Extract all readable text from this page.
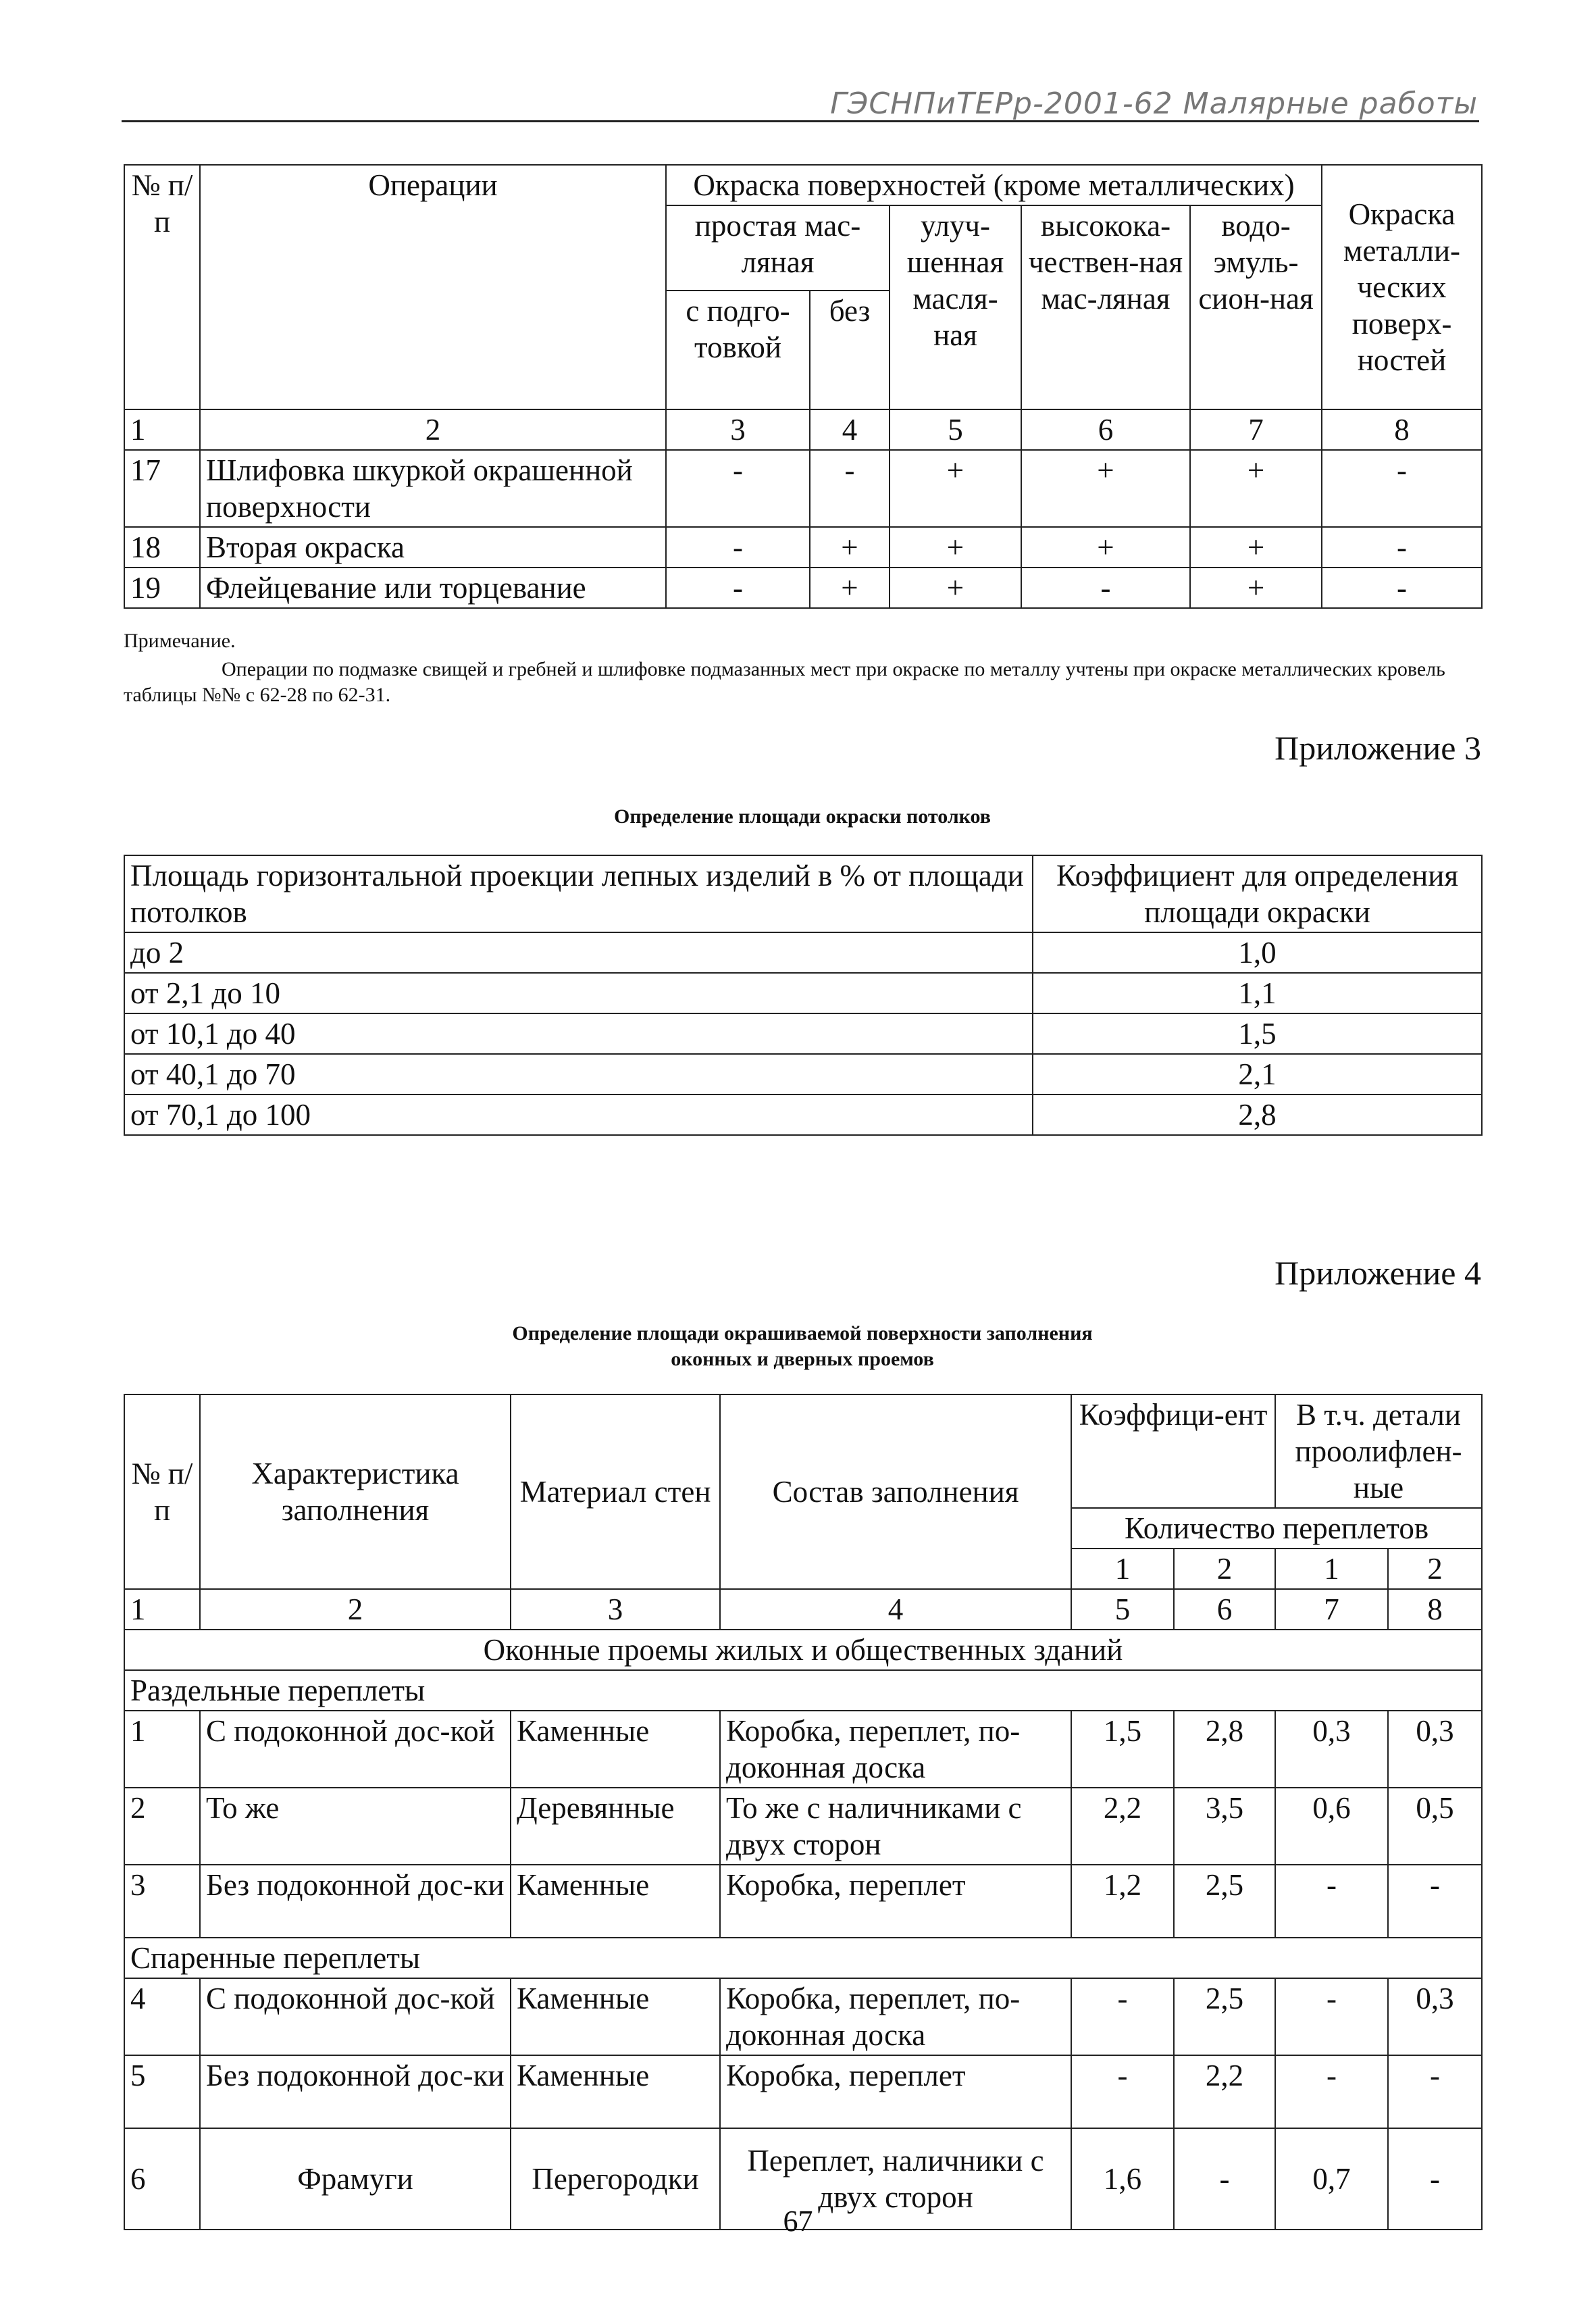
ГЭСНПиТЕРр-2001-62 Малярные работы
№ п/п	Операции	Окраска поверхностей (кроме металлических)					Окраска металли-ческих поверх-ностей
		простая мас-ляная		улуч-шенная масля-ная	высокока-чествен-ная мас-ляная	водо-эмуль-сион-ная	
		с подго-товкой	без				
1	2	3	4	5	6	7	8
17	Шлифовка шкуркой окрашенной поверхности	-	-	+	+	+	-
18	Вторая окраска	-	+	+	+	+	-
19	Флейцевание или торцевание	-	+	+	-	+	-
Примечание.
Операции по подмазке свищей и гребней и шлифовке подмазанных мест при окраске по металлу учтены при окраске металлических кровель таблицы №№ с 62-28 по 62-31.
Приложение 3
Определение площади окраски потолков
Площадь горизонтальной проекции лепных изделий в % от площади потолков	Коэффициент для определения площади окраски
до 2	1,0
от 2,1 до 10	1,1
от 10,1 до 40	1,5
от 40,1 до 70	2,1
от 70,1 до 100	2,8
Приложение 4
Определение площади окрашиваемой поверхности заполнения
оконных и дверных проемов
№ п/п	Характеристика заполнения	Материал стен	Состав заполнения	Коэффици-ент		В т.ч. детали проолифлен-ные	
				Количество переплетов			
				1	2	1	2
1	2	3	4	5	6	7	8
Оконные проемы жилых и общественных зданий							
Раздельные переплеты							
1	С подоконной дос-кой	Каменные	Коробка, переплет, по-доконная доска	1,5	2,8	0,3	0,3
2	То же	Деревянные	То же с наличниками с двух сторон	2,2	3,5	0,6	0,5
3	Без подоконной дос-ки	Каменные	Коробка, переплет	1,2	2,5	-	-
Спаренные переплеты							
4	С подоконной дос-кой	Каменные	Коробка, переплет, по-доконная доска	-	2,5	-	0,3
5	Без подоконной дос-ки	Каменные	Коробка, переплет	-	2,2	-	-
6	Фрамуги	Перегородки	Переплет, наличники с двух сторон	1,6	-	0,7	-
67
